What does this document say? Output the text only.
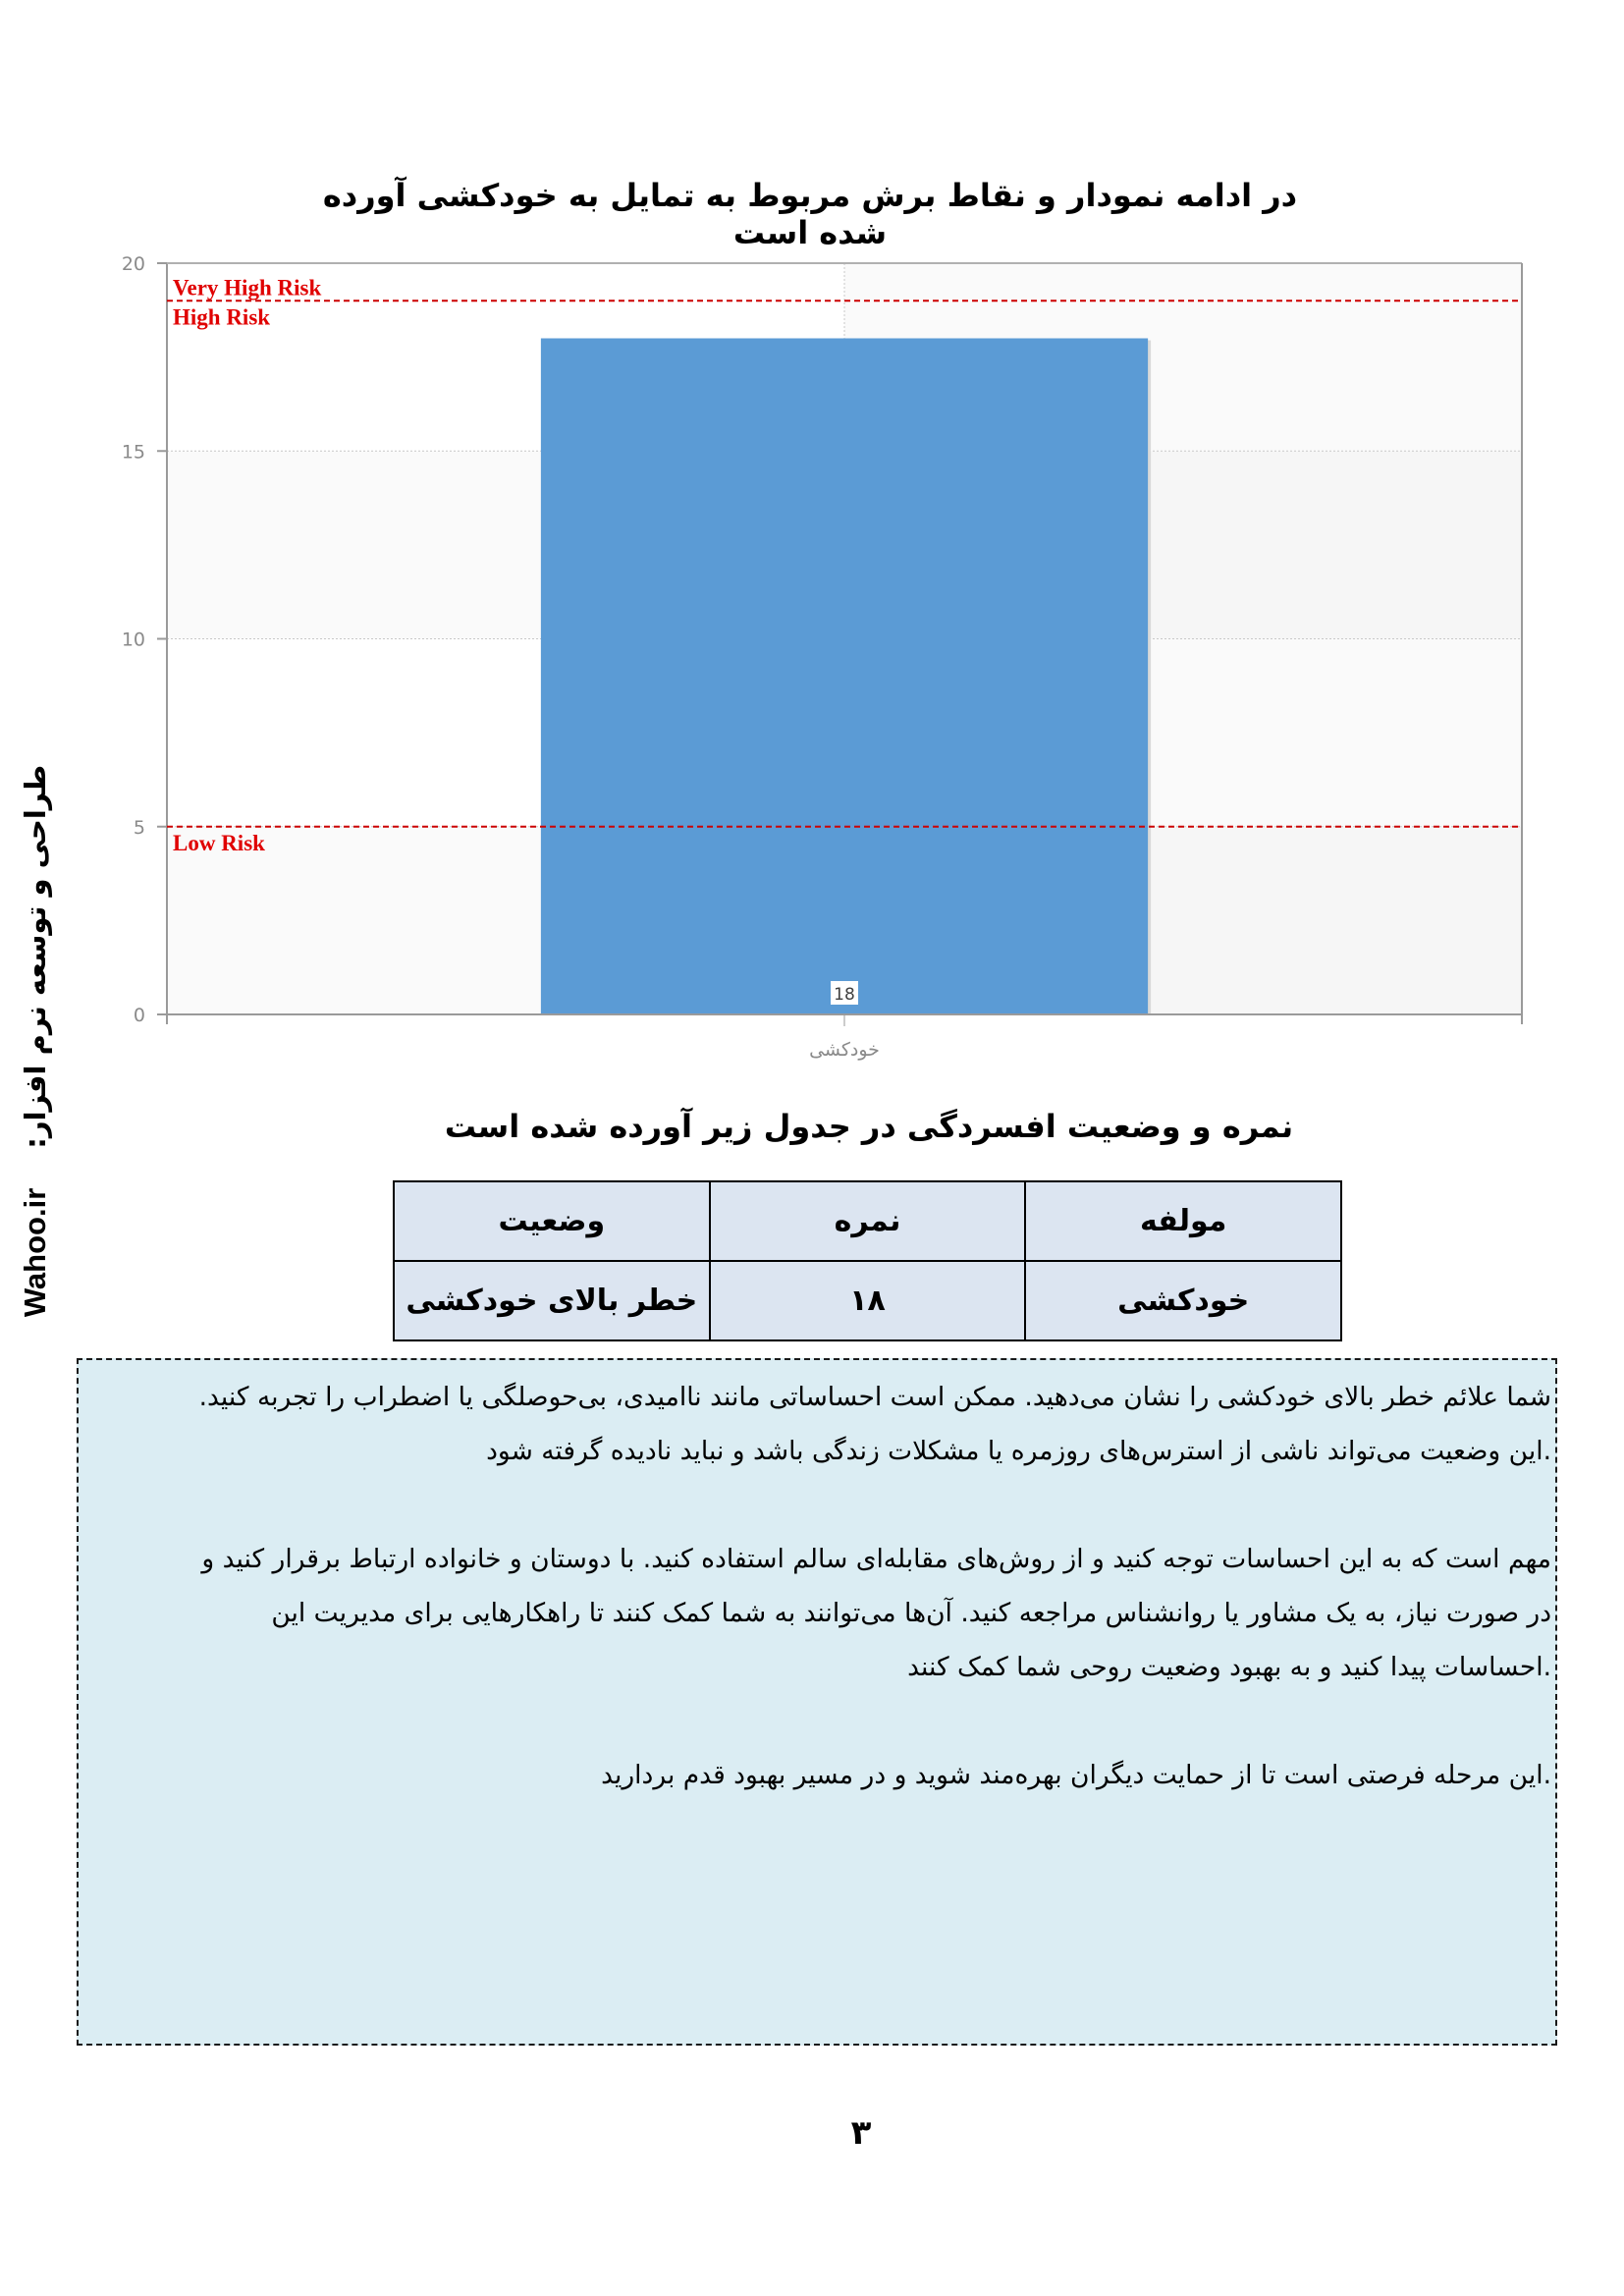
در ادامه نمودار و نقاط برش مربوط به تمایل به خودکشی آورده شده است
0
5
10
15
20
خودکشی
18
Very High Risk
High Risk
Low Risk
Wahoo.ir
طراحی و توسعه نرم افزار:	نمره و وضعیت افسردگی در جدول زیر آورده شده است
مولفه	نمره	وضعیت
خودکشی	۱۸	خطر بالای خودکشی

شما علائم خطر بالای خودکشی را نشان می‌دهید. ممکن است احساساتی مانند ناامیدی، بی‌حوصلگی یا اضطراب را تجربه کنید.

.این وضعیت می‌تواند ناشی از استرس‌های روزمره یا مشکلات زندگی باشد و نباید نادیده گرفته شود

مهم است که به این احساسات توجه کنید و از روش‌های مقابله‌ای سالم استفاده کنید. با دوستان و خانواده ارتباط برقرار کنید و

در صورت نیاز، به یک مشاور یا روانشناس مراجعه کنید. آن‌ها می‌توانند به شما کمک کنند تا راهکارهایی برای مدیریت این

.احساسات پیدا کنید و به بهبود وضعیت روحی شما کمک کنند

.این مرحله فرصتی است تا از حمایت دیگران بهره‌مند شوید و در مسیر بهبود قدم بردارید

۳
